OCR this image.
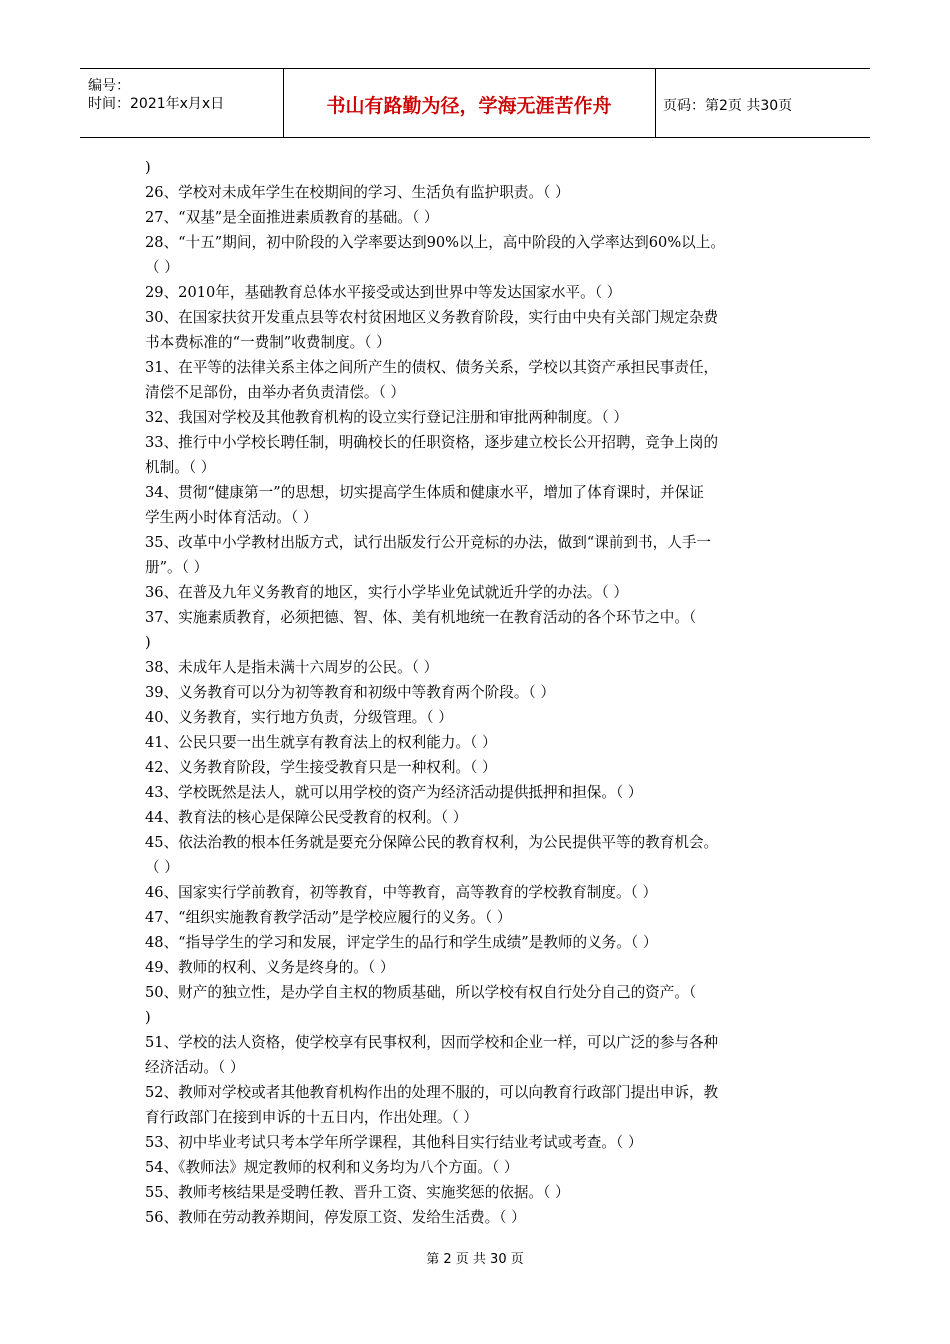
编号：
时间：2021年x月x日	书山有路勤为径，学海无涯苦作舟	页码：第2页 共30页
)
26、学校对未成年学生在校期间的学习、生活负有监护职责。（ ）
27、“双基”是全面推进素质教育的基础。（ ）
28、“十五”期间，初中阶段的入学率要达到90%以上，高中阶段的入学率达到60%以上。
（ ）
29、2010年，基础教育总体水平接受或达到世界中等发达国家水平。（ ）
30、在国家扶贫开发重点县等农村贫困地区义务教育阶段，实行由中央有关部门规定杂费
书本费标准的“一费制”收费制度。（ ）
31、在平等的法律关系主体之间所产生的债权、债务关系，学校以其资产承担民事责任，
清偿不足部份，由举办者负责清偿。（ ）
32、我国对学校及其他教育机构的设立实行登记注册和审批两种制度。（ ）
33、推行中小学校长聘任制，明确校长的任职资格，逐步建立校长公开招聘，竞争上岗的
机制。（ ）
34、贯彻“健康第一”的思想，切实提高学生体质和健康水平，增加了体育课时，并保证
学生两小时体育活动。（ ）
35、改革中小学教材出版方式，试行出版发行公开竞标的办法，做到“课前到书，人手一
册”。（ ）
36、在普及九年义务教育的地区，实行小学毕业免试就近升学的办法。（ ）
37、实施素质教育，必须把德、智、体、美有机地统一在教育活动的各个环节之中。（
)
38、未成年人是指未满十六周岁的公民。（ ）
39、义务教育可以分为初等教育和初级中等教育两个阶段。（ ）
40、义务教育，实行地方负责，分级管理。（ ）
41、公民只要一出生就享有教育法上的权利能力。（ ）
42、义务教育阶段，学生接受教育只是一种权利。（ ）
43、学校既然是法人，就可以用学校的资产为经济活动提供抵押和担保。（ ）
44、教育法的核心是保障公民受教育的权利。（ ）
45、依法治教的根本任务就是要充分保障公民的教育权利，为公民提供平等的教育机会。
（ ）
46、国家实行学前教育，初等教育，中等教育，高等教育的学校教育制度。（ ）
47、“组织实施教育教学活动”是学校应履行的义务。（ ）
48、“指导学生的学习和发展，评定学生的品行和学生成绩”是教师的义务。（ ）
49、教师的权利、义务是终身的。（ ）
50、财产的独立性，是办学自主权的物质基础，所以学校有权自行处分自己的资产。（
)
51、学校的法人资格，使学校享有民事权利，因而学校和企业一样，可以广泛的参与各种
经济活动。（ ）
52、教师对学校或者其他教育机构作出的处理不服的，可以向教育行政部门提出申诉，教
育行政部门在接到申诉的十五日内，作出处理。（ ）
53、初中毕业考试只考本学年所学课程，其他科目实行结业考试或考查。（ ）
54、《教师法》规定教师的权利和义务均为八个方面。（ ）
55、教师考核结果是受聘任教、晋升工资、实施奖惩的依据。（ ）
56、教师在劳动教养期间，停发原工资、发给生活费。（ ）
第 2 页 共 30 页
